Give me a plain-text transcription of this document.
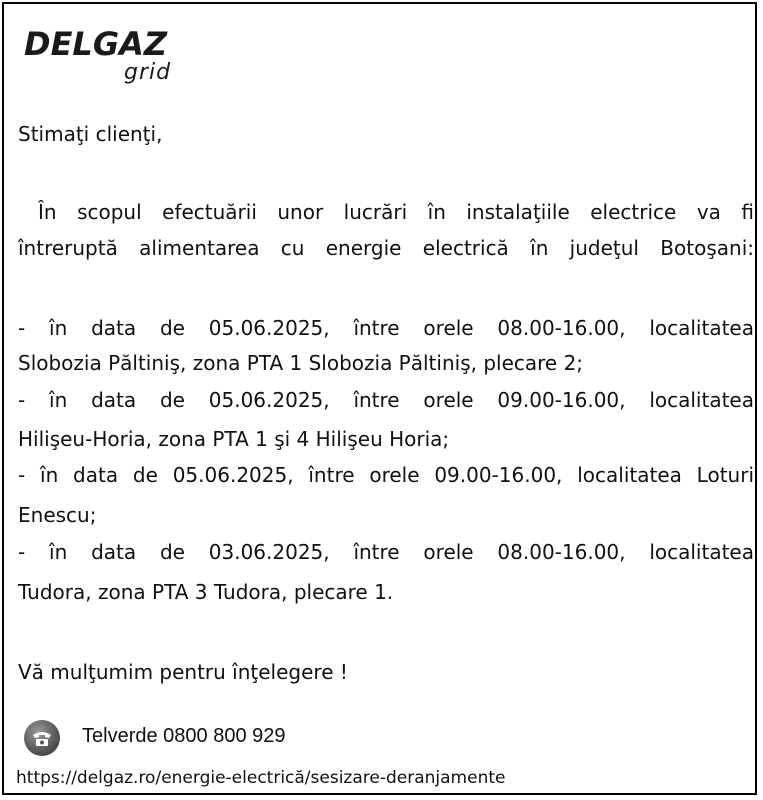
DELGAZ
grid
Stimaţi clienţi,
În scopul efectuării unor lucrări în instalaţiile electrice va fi
întreruptă alimentarea cu energie electrică în judeţul Botoşani:
- în data de 05.06.2025, între orele 08.00-16.00, localitatea
Slobozia Păltiniş, zona PTA 1 Slobozia Păltiniş, plecare 2;
- în data de 05.06.2025, între orele 09.00-16.00, localitatea
Hilişeu-Horia, zona PTA 1 şi 4 Hilişeu Horia;
- în data de 05.06.2025, între orele 09.00-16.00, localitatea Loturi
Enescu;
- în data de 03.06.2025, între orele 08.00-16.00, localitatea
Tudora, zona PTA 3 Tudora, plecare 1.
Vă mulţumim pentru înţelegere !
Telverde 0800 800 929
https://delgaz.ro/energie-electrică/sesizare-deranjamente
